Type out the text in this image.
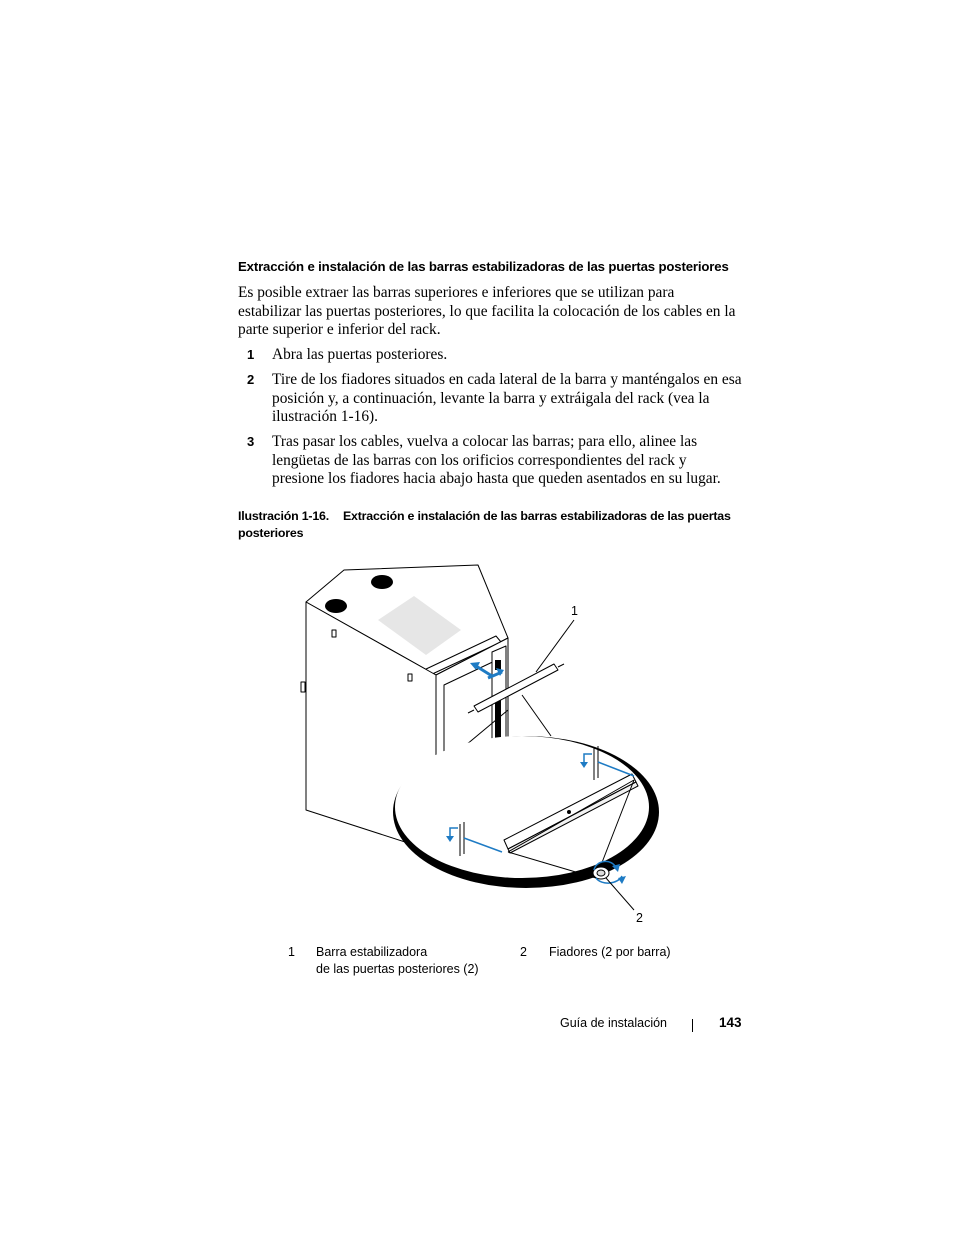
Extracción e instalación de las barras estabilizadoras de las puertas posteriores
Es posible extraer las barras superiores e inferiores que se utilizan para estabilizar las puertas posteriores, lo que facilita la colocación de los cables en la parte superior e inferior del rack.
1 Abra las puertas posteriores.
2 Tire de los fiadores situados en cada lateral de la barra y manténgalos en esa posición y, a continuación, levante la barra y extráigala del rack (vea la ilustración 1-16).
3 Tras pasar los cables, vuelva a colocar las barras; para ello, alinee las lengüetas de las barras con los orificios correspondientes del rack y presione los fiadores hacia abajo hasta que queden asentados en su lugar.
Ilustración 1-16. Extracción e instalación de las barras estabilizadoras de las puertas posteriores
1
2
1 Barra estabilizadora
de las puertas posteriores (2)
2 Fiadores (2 por barra)
Guía de instalación	143
